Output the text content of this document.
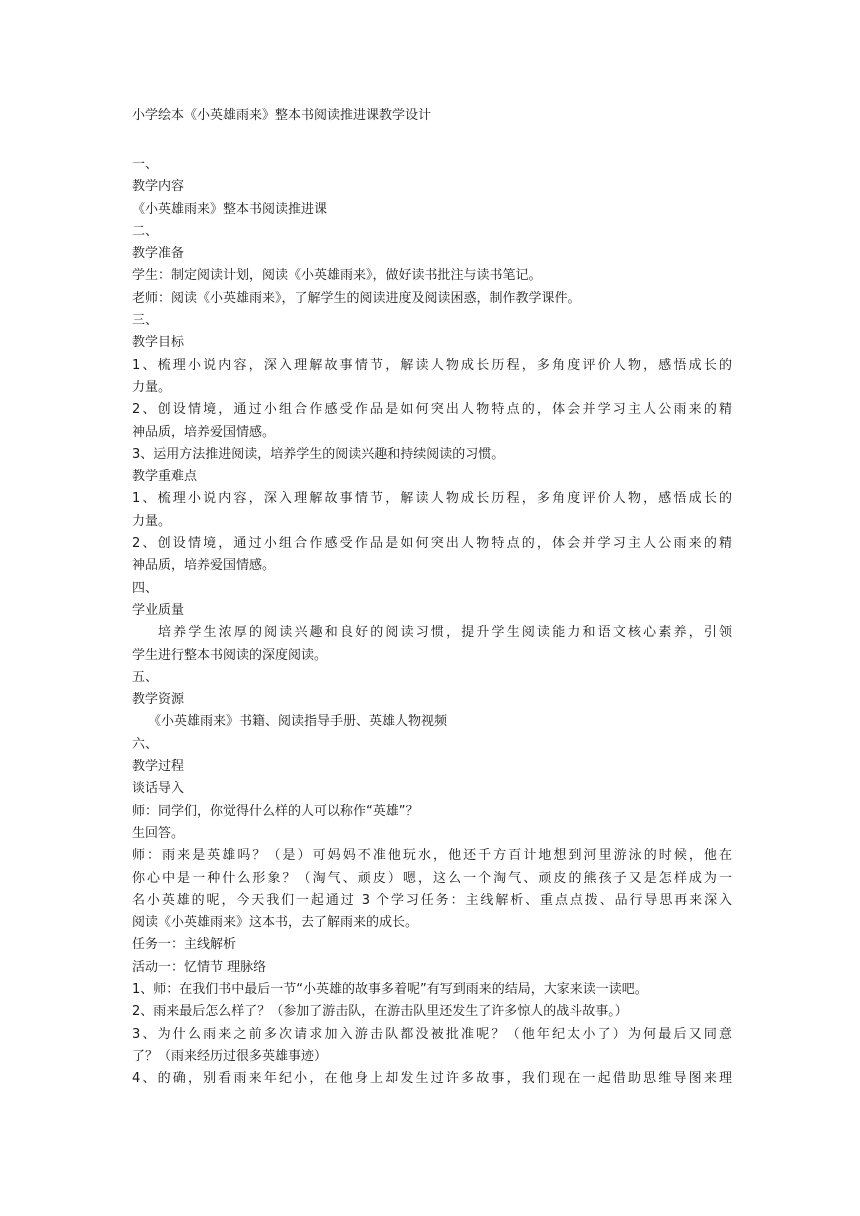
小学绘本《小英雄雨来》整本书阅读推进课教学设计
一、
教学内容
《小英雄雨来》整本书阅读推进课
二、
教学准备
学生：制定阅读计划，阅读《小英雄雨来》，做好读书批注与读书笔记。
老师：阅读《小英雄雨来》，了解学生的阅读进度及阅读困惑，制作教学课件。
三、
教学目标
1、梳理小说内容，深入理解故事情节，解读人物成长历程，多角度评价人物，感悟成长的
力量。
2、创设情境，通过小组合作感受作品是如何突出人物特点的，体会并学习主人公雨来的精
神品质，培养爱国情感。
3、运用方法推进阅读，培养学生的阅读兴趣和持续阅读的习惯。
教学重难点
1、梳理小说内容，深入理解故事情节，解读人物成长历程，多角度评价人物，感悟成长的
力量。
2、创设情境，通过小组合作感受作品是如何突出人物特点的，体会并学习主人公雨来的精
神品质，培养爱国情感。
四、
学业质量
培养学生浓厚的阅读兴趣和良好的阅读习惯，提升学生阅读能力和语文核心素养，引领
学生进行整本书阅读的深度阅读。
五、
教学资源
《小英雄雨来》书籍、阅读指导手册、英雄人物视频
六、
教学过程
谈话导入
师：同学们，你觉得什么样的人可以称作“英雄”？
生回答。
师：雨来是英雄吗？（是）可妈妈不准他玩水，他还千方百计地想到河里游泳的时候，他在
你心中是一种什么形象？（淘气、顽皮）嗯，这么一个淘气、顽皮的熊孩子又是怎样成为一
名小英雄的呢，今天我们一起通过 3 个学习任务：主线解析、重点点拨、品行导思再来深入
阅读《小英雄雨来》这本书，去了解雨来的成长。
任务一：主线解析
活动一：忆情节 理脉络
1、师：在我们书中最后一节“小英雄的故事多着呢”有写到雨来的结局，大家来读一读吧。
2、雨来最后怎么样了？（参加了游击队，在游击队里还发生了许多惊人的战斗故事。）
3、为什么雨来之前多次请求加入游击队都没被批准呢？（他年纪太小了）为何最后又同意
了？（雨来经历过很多英雄事迹）
4、的确，别看雨来年纪小，在他身上却发生过许多故事，我们现在一起借助思维导图来理
